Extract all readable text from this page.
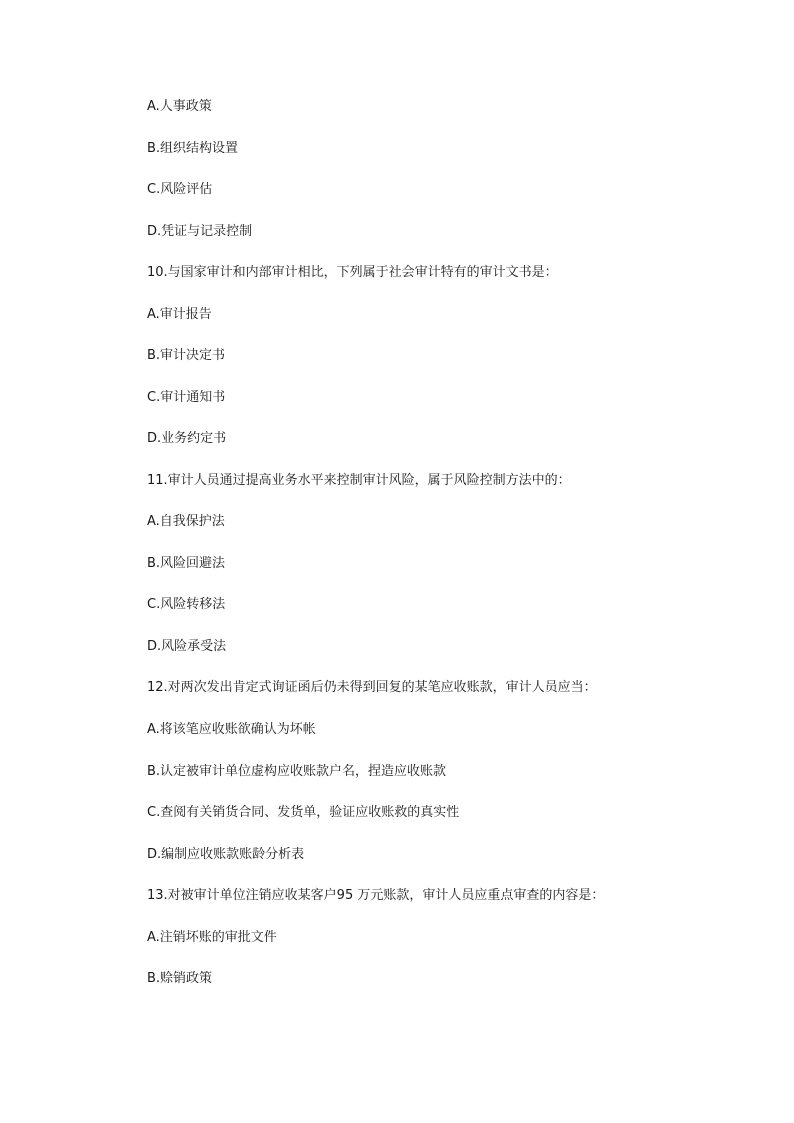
A.人事政策
B.组织结构设置
C.风险评估
D.凭证与记录控制
10.与国家审计和内部审计相比，下列属于社会审计特有的审计文书是：
A.审计报告
B.审计决定书
C.审计通知书
D.业务约定书
11.审计人员通过提高业务水平来控制审计风险，属于风险控制方法中的：
A.自我保护法
B.风险回避法
C.风险转移法
D.风险承受法
12.对两次发出肯定式询证函后仍未得到回复的某笔应收账款，审计人员应当：
A.将该笔应收账欲确认为坏帐
B.认定被审计单位虚构应收账款户名，捏造应收账款
C.查阅有关销货合同、发货单，验证应收账救的真实性
D.编制应收账款账龄分析表
13.对被审计单位注销应收某客户95 万元账款，审计人员应重点审查的内容是：
A.注销坏账的审批文件
B.赊销政策
